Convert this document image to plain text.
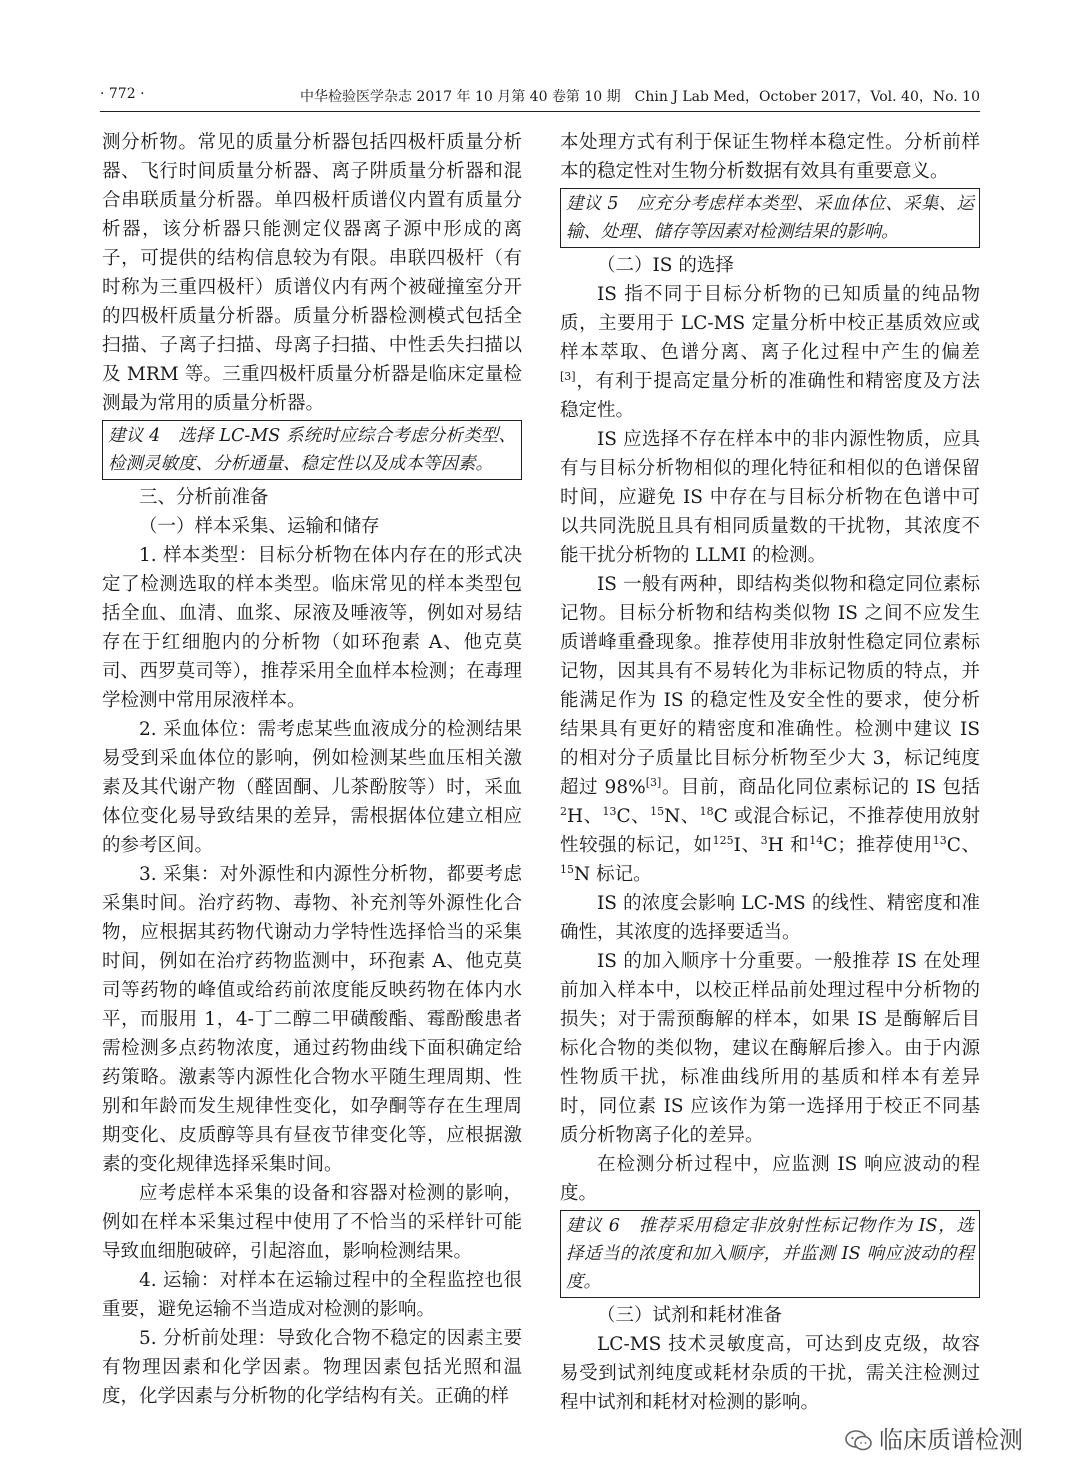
· 772 ·	中华检验医学杂志 2017 年 10 月第 40 卷第 10 期　Chin J Lab Med，October 2017，Vol. 40，No. 10

测分析物。常见的质量分析器包括四极杆质量分析器、飞行时间质量分析器、离子阱质量分析器和混合串联质量分析器。单四极杆质谱仪内置有质量分析器，该分析器只能测定仪器离子源中形成的离子，可提供的结构信息较为有限。串联四极杆（有时称为三重四极杆）质谱仪内有两个被碰撞室分开的四极杆质量分析器。质量分析器检测模式包括全扫描、子离子扫描、母离子扫描、中性丢失扫描以及 MRM 等。三重四极杆质量分析器是临床定量检测最为常用的质量分析器。

建议 4　选择 LC-MS 系统时应综合考虑分析类型、检测灵敏度、分析通量、稳定性以及成本等因素。
三、分析前准备
（一）样本采集、运输和储存

1. 样本类型：目标分析物在体内存在的形式决定了检测选取的样本类型。临床常见的样本类型包括全血、血清、血浆、尿液及唾液等，例如对易结存在于红细胞内的分析物（如环孢素 A、他克莫司、西罗莫司等），推荐采用全血样本检测；在毒理学检测中常用尿液样本。

2. 采血体位：需考虑某些血液成分的检测结果易受到采血体位的影响，例如检测某些血压相关激素及其代谢产物（醛固酮、儿茶酚胺等）时，采血体位变化易导致结果的差异，需根据体位建立相应的参考区间。

3. 采集：对外源性和内源性分析物，都要考虑采集时间。治疗药物、毒物、补充剂等外源性化合物，应根据其药物代谢动力学特性选择恰当的采集时间，例如在治疗药物监测中，环孢素 A、他克莫司等药物的峰值或给药前浓度能反映药物在体内水平，而服用 1，4-丁二醇二甲磺酸酯、霉酚酸患者需检测多点药物浓度，通过药物曲线下面积确定给药策略。激素等内源性化合物水平随生理周期、性别和年龄而发生规律性变化，如孕酮等存在生理周期变化、皮质醇等具有昼夜节律变化等，应根据激素的变化规律选择采集时间。

应考虑样本采集的设备和容器对检测的影响，例如在样本采集过程中使用了不恰当的采样针可能导致血细胞破碎，引起溶血，影响检测结果。

4. 运输：对样本在运输过程中的全程监控也很重要，避免运输不当造成对检测的影响。

5. 分析前处理：导致化合物不稳定的因素主要有物理因素和化学因素。物理因素包括光照和温度，化学因素与分析物的化学结构有关。正确的样

本处理方式有利于保证生物样本稳定性。分析前样本的稳定性对生物分析数据有效具有重要意义。

建议 5　应充分考虑样本类型、采血体位、采集、运输、处理、储存等因素对检测结果的影响。
（二）IS 的选择

IS 指不同于目标分析物的已知质量的纯品物质，主要用于 LC-MS 定量分析中校正基质效应或样本萃取、色谱分离、离子化过程中产生的偏差[3]，有利于提高定量分析的准确性和精密度及方法稳定性。

IS 应选择不存在样本中的非内源性物质，应具有与目标分析物相似的理化特征和相似的色谱保留时间，应避免 IS 中存在与目标分析物在色谱中可以共同洗脱且具有相同质量数的干扰物，其浓度不能干扰分析物的 LLMI 的检测。

IS 一般有两种，即结构类似物和稳定同位素标记物。目标分析物和结构类似物 IS 之间不应发生质谱峰重叠现象。推荐使用非放射性稳定同位素标记物，因其具有不易转化为非标记物质的特点，并能满足作为 IS 的稳定性及安全性的要求，使分析结果具有更好的精密度和准确性。检测中建议 IS 的相对分子质量比目标分析物至少大 3，标记纯度超过 98%[3]。目前，商品化同位素标记的 IS 包括$^2$H、$^{13}$C、$^{15}$N、$^{18}$C 或混合标记，不推荐使用放射性较强的标记，如$^{125}$I、$^3$H 和$^{14}$C；推荐使用$^{13}$C、$^{15}$N 标记。

IS 的浓度会影响 LC-MS 的线性、精密度和准确性，其浓度的选择要适当。

IS 的加入顺序十分重要。一般推荐 IS 在处理前加入样本中，以校正样品前处理过程中分析物的损失；对于需预酶解的样本，如果 IS 是酶解后目标化合物的类似物，建议在酶解后掺入。由于内源性物质干扰，标准曲线所用的基质和样本有差异时，同位素 IS 应该作为第一选择用于校正不同基质分析物离子化的差异。

在检测分析过程中，应监测 IS 响应波动的程度。

建议 6　推荐采用稳定非放射性标记物作为 IS，选择适当的浓度和加入顺序，并监测 IS 响应波动的程度。
（三）试剂和耗材准备

LC-MS 技术灵敏度高，可达到皮克级，故容易受到试剂纯度或耗材杂质的干扰，需关注检测过程中试剂和耗材对检测的影响。

临床质谱检测
